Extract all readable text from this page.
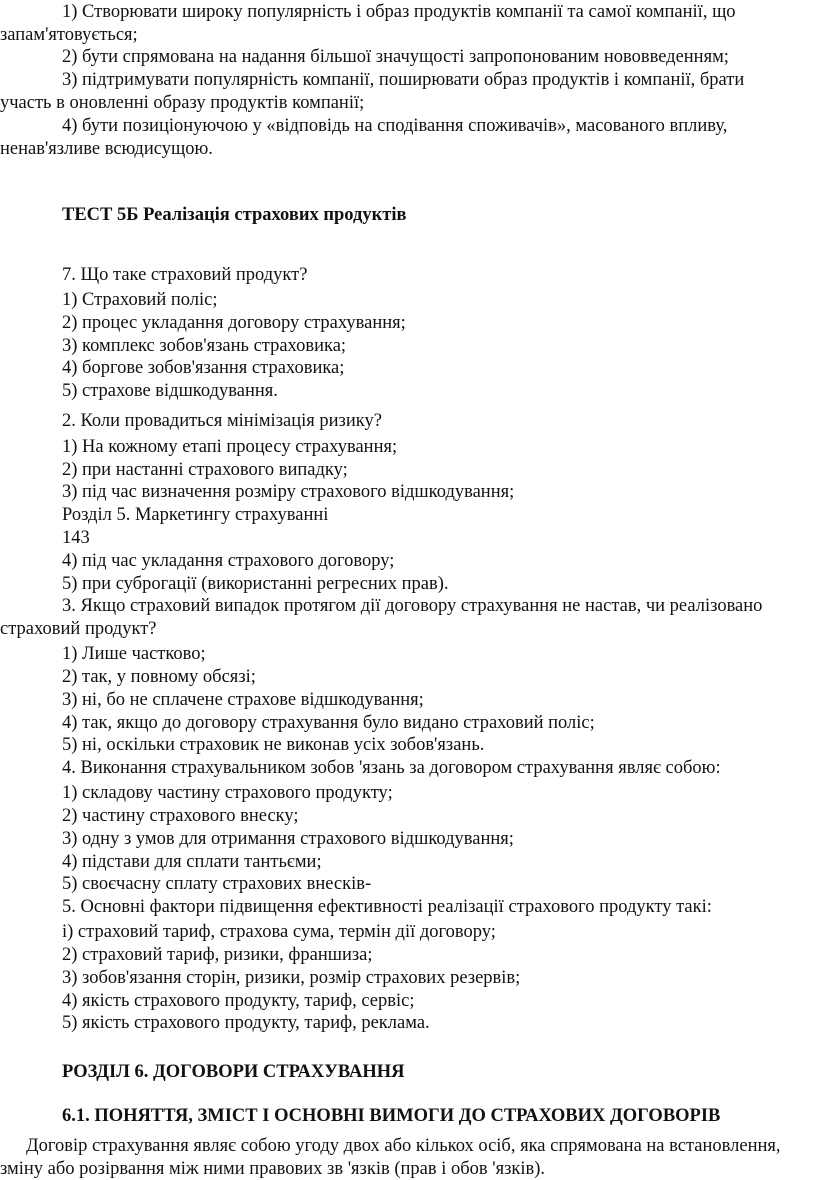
1) Створювати широку популярність і образ продуктів компанії та самої компанії, що

запам'ятовується;

2) бути спрямована на надання більшої значущості запропонованим нововведенням;

3) підтримувати популярність компанії, поширювати образ продуктів і компанії, брати

участь в оновленні образу продуктів компанії;

4) бути позиціонуючою у «відповідь на сподівання споживачів», масованого впливу,

ненав'язливе всюдисущою.

ТЕСТ 5Б Реалізація страхових продуктів

7. Що таке страховий продукт?

1) Страховий поліс;

2) процес укладання договору страхування;

3) комплекс зобов'язань страховика;

4) боргове зобов'язання страховика;

5) страхове відшкодування.

2. Коли провадиться мінімізація ризику?

1) На кожному етапі процесу страхування;

2) при настанні страхового випадку;

3) під час визначення розміру страхового відшкодування;

Розділ 5. Маркетингу страхуванні

143

4) під час укладання страхового договору;

5) при суброгації (використанні регресних прав).

3. Якщо страховий випадок протягом дії договору страхування не настав, чи реалізовано

страховий продукт?

1) Лише частково;

2) так, у повному обсязі;

3) ні, бо не сплачене страхове відшкодування;

4) так, якщо до договору страхування було видано страховий поліс;

5) ні, оскільки страховик не виконав усіх зобов'язань.

4. Виконання страхувальником зобов 'язань за договором страхування являє собою:

1) складову частину страхового продукту;

2) частину страхового внеску;

3) одну з умов для отримання страхового відшкодування;

4) підстави для сплати тантьєми;

5) своєчасну сплату страхових внесків-

5. Основні фактори підвищення ефективності реалізації страхового продукту такі:

і) страховий тариф, страхова сума, термін дії договору;

2) страховий тариф, ризики, франшиза;

3) зобов'язання сторін, ризики, розмір страхових резервів;

4) якість страхового продукту, тариф, сервіс;

5) якість страхового продукту, тариф, реклама.

РОЗДІЛ 6. ДОГОВОРИ СТРАХУВАННЯ

6.1. ПОНЯТТЯ, ЗМІСТ І ОСНОВНІ ВИМОГИ ДО СТРАХОВИХ ДОГОВОРІВ

Договір страхування являє собою угоду двох або кількох осіб, яка спрямована на встановлення,

зміну або розірвання між ними правових зв 'язків (прав і обов 'язків).
